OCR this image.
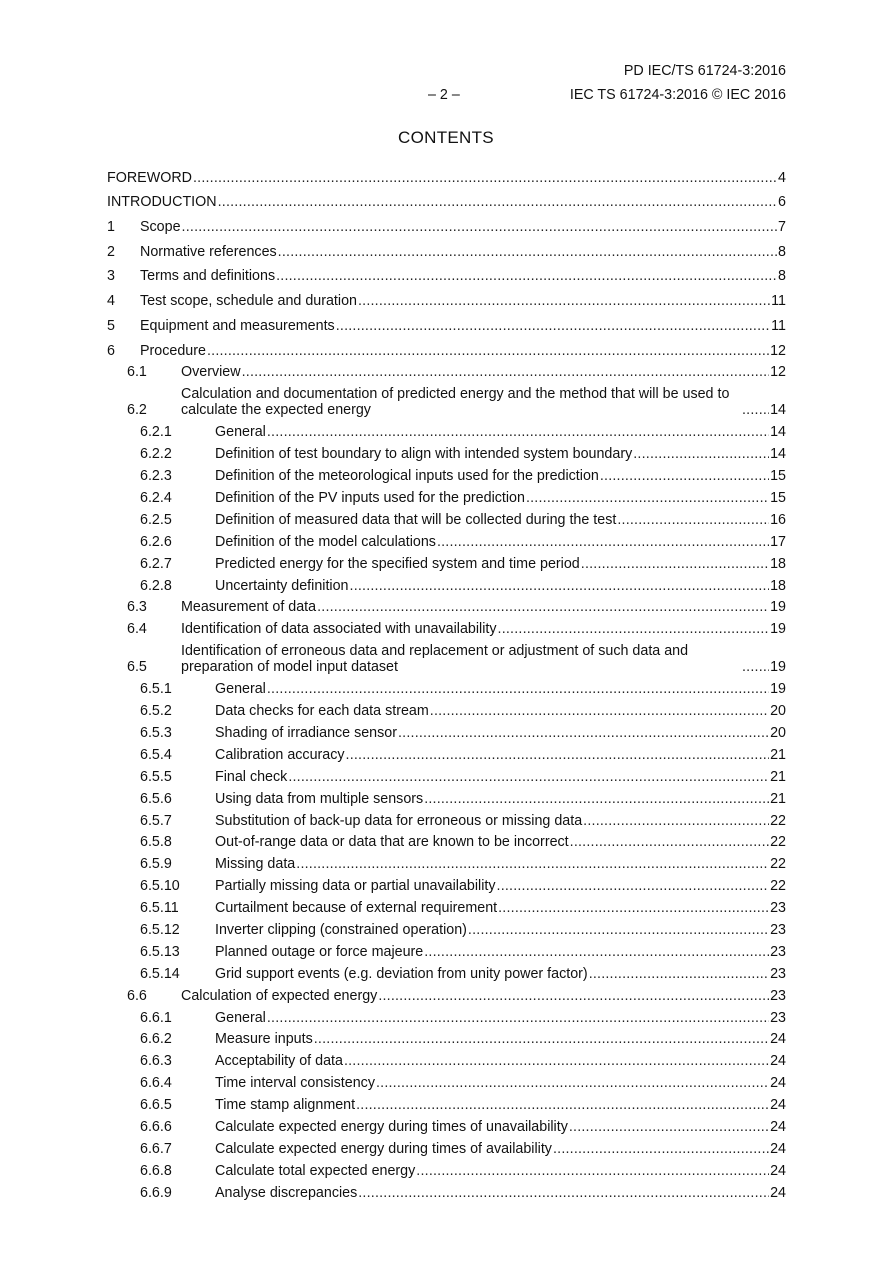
PD IEC/TS 61724-3:2016
– 2 –	IEC TS 61724-3:2016 © IEC 2016
CONTENTS
FOREWORD .....	4
INTRODUCTION .....	6
1	Scope .....	7
2	Normative references .....	8
3	Terms and definitions .....	8
4	Test scope, schedule and duration .....	11
5	Equipment and measurements .....	11
6	Procedure .....	12
6.1	Overview .....	12
6.2
Calculation and documentation of predicted energy and the method that will be used to calculate the expected energy .....	14
6.2.1	General .....	14
6.2.2	Definition of test boundary to align with intended system boundary .....	14
6.2.3	Definition of the meteorological inputs used for the prediction .....	15
6.2.4	Definition of the PV inputs used for the prediction .....	15
6.2.5	Definition of measured data that will be collected during the test .....	16
6.2.6	Definition of the model calculations .....	17
6.2.7	Predicted energy for the specified system and time period .....	18
6.2.8	Uncertainty definition .....	18
6.3	Measurement of data .....	19
6.4	Identification of data associated with unavailability .....	19
6.5
Identification of erroneous data and replacement or adjustment of such data and preparation of model input dataset .....	19
6.5.1	General .....	19
6.5.2	Data checks for each data stream .....	20
6.5.3	Shading of irradiance sensor .....	20
6.5.4	Calibration accuracy .....	21
6.5.5	Final check .....	21
6.5.6	Using data from multiple sensors .....	21
6.5.7	Substitution of back-up data for erroneous or missing data .....	22
6.5.8	Out-of-range data or data that are known to be incorrect .....	22
6.5.9	Missing data .....	22
6.5.10	Partially missing data or partial unavailability .....	22
6.5.11	Curtailment because of external requirement .....	23
6.5.12	Inverter clipping (constrained operation) .....	23
6.5.13	Planned outage or force majeure .....	23
6.5.14	Grid support events (e.g. deviation from unity power factor) .....	23
6.6	Calculation of expected energy .....	23
6.6.1	General .....	23
6.6.2	Measure inputs .....	24
6.6.3	Acceptability of data .....	24
6.6.4	Time interval consistency .....	24
6.6.5	Time stamp alignment .....	24
6.6.6	Calculate expected energy during times of unavailability .....	24
6.6.7	Calculate expected energy during times of availability .....	24
6.6.8	Calculate total expected energy .....	24
6.6.9	Analyse discrepancies .....	24
